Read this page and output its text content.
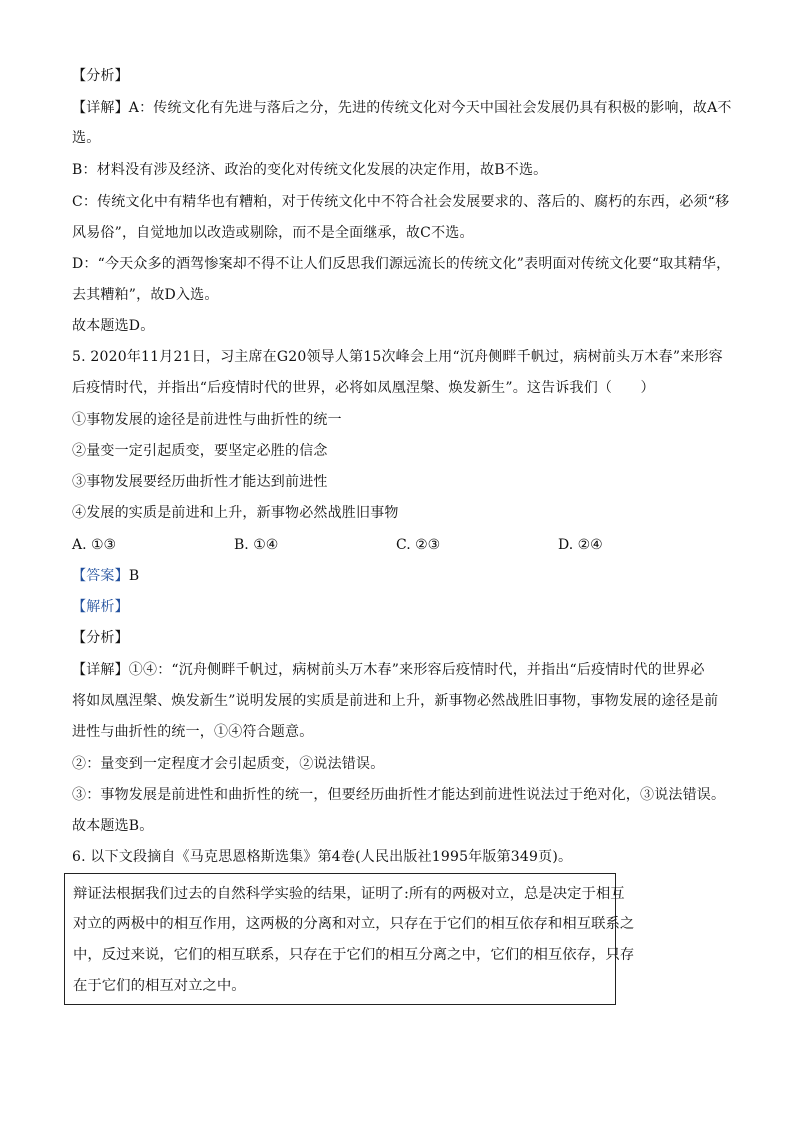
【分析】
【详解】A：传统文化有先进与落后之分，先进的传统文化对今天中国社会发展仍具有积极的影响，故A不
选。
B：材料没有涉及经济、政治的变化对传统文化发展的决定作用，故B不选。
C：传统文化中有精华也有糟粕，对于传统文化中不符合社会发展要求的、落后的、腐朽的东西，必须“移
风易俗”，自觉地加以改造或剔除，而不是全面继承，故C不选。
D：“今天众多的酒驾惨案却不得不让人们反思我们源远流长的传统文化”表明面对传统文化要“取其精华，
去其糟粕”，故D入选。
故本题选D。
5. 2020年11月21日，习主席在G20领导人第15次峰会上用“沉舟侧畔千帆过，病树前头万木春”来形容
后疫情时代，并指出“后疫情时代的世界，必将如凤凰涅槃、焕发新生”。这告诉我们（　　）
①事物发展的途径是前进性与曲折性的统一
②量变一定引起质变，要坚定必胜的信念
③事物发展要经历曲折性才能达到前进性
④发展的实质是前进和上升，新事物必然战胜旧事物
A. ①③	B. ①④	C. ②③	D. ②④
【答案】B
【解析】
【分析】
【详解】①④：“沉舟侧畔千帆过，病树前头万木春”来形容后疫情时代，并指出“后疫情时代的世界必
将如凤凰涅槃、焕发新生”说明发展的实质是前进和上升，新事物必然战胜旧事物，事物发展的途径是前
进性与曲折性的统一，①④符合题意。
②：量变到一定程度才会引起质变，②说法错误。
③：事物发展是前进性和曲折性的统一，但要经历曲折性才能达到前进性说法过于绝对化，③说法错误。
故本题选B。
6. 以下文段摘自《马克思恩格斯选集》第4卷(人民出版社1995年版第349页)。
辩证法根据我们过去的自然科学实验的结果，证明了:所有的两极对立，总是决定于相互
对立的两极中的相互作用，这两极的分离和对立，只存在于它们的相互依存和相互联系之
中，反过来说，它们的相互联系，只存在于它们的相互分离之中，它们的相互依存，只存
在于它们的相互对立之中。
